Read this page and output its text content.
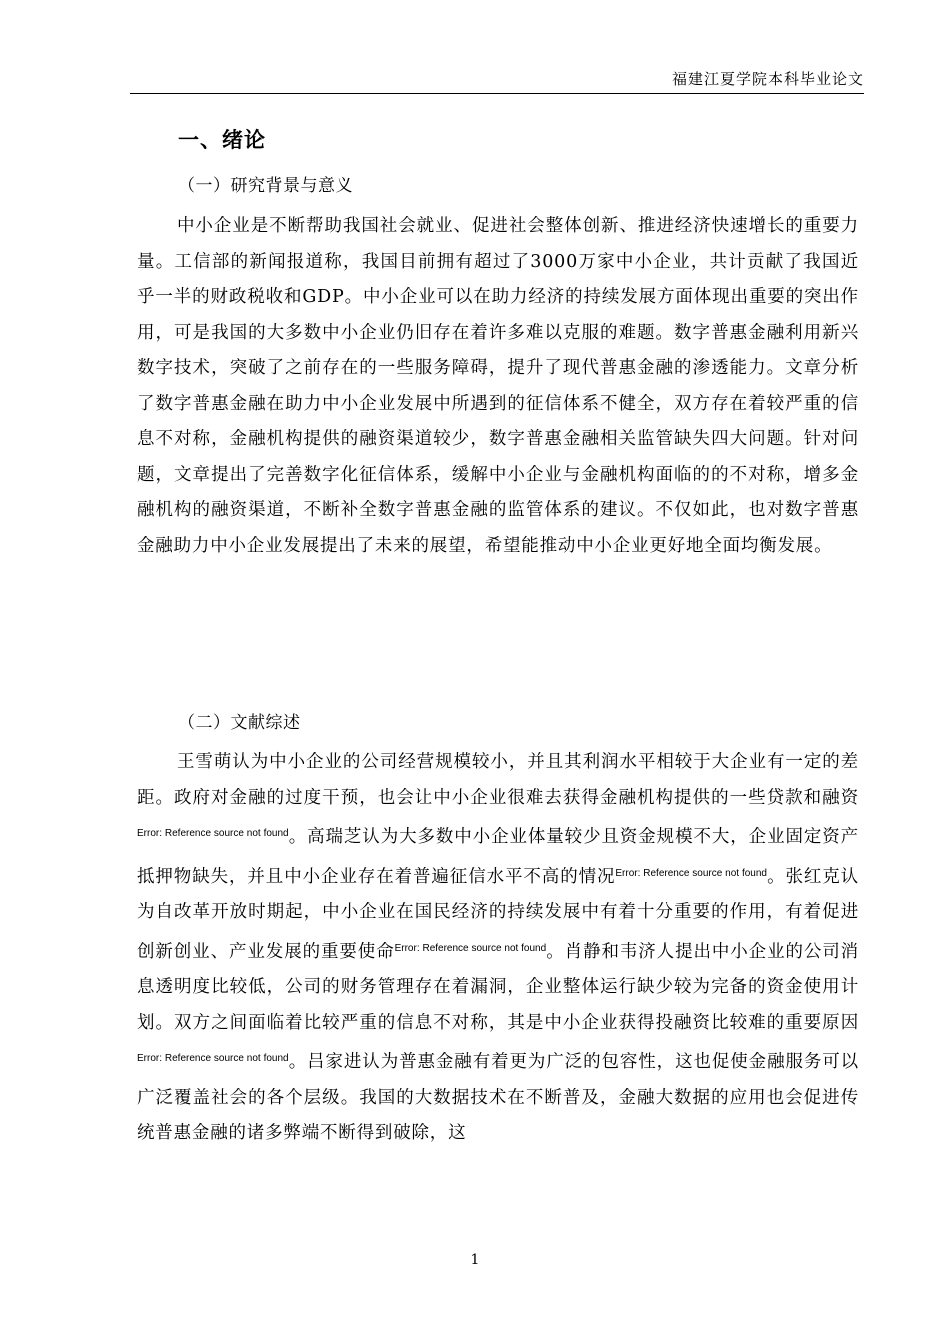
福建江夏学院本科毕业论文
一、绪论
（一）研究背景与意义

中小企业是不断帮助我国社会就业、促进社会整体创新、推进经济快速增长的重要力量。工信部的新闻报道称，我国目前拥有超过了3000万家中小企业，共计贡献了我国近乎一半的财政税收和GDP。中小企业可以在助力经济的持续发展方面体现出重要的突出作用，可是我国的大多数中小企业仍旧存在着许多难以克服的难题。数字普惠金融利用新兴数字技术，突破了之前存在的一些服务障碍，提升了现代普惠金融的渗透能力。文章分析了数字普惠金融在助力中小企业发展中所遇到的征信体系不健全，双方存在着较严重的信息不对称，金融机构提供的融资渠道较少，数字普惠金融相关监管缺失四大问题。针对问题，文章提出了完善数字化征信体系，缓解中小企业与金融机构面临的的不对称，增多金融机构的融资渠道，不断补全数字普惠金融的监管体系的建议。不仅如此，也对数字普惠金融助力中小企业发展提出了未来的展望，希望能推动中小企业更好地全面均衡发展。

（二）文献综述

王雪萌认为中小企业的公司经营规模较小，并且其利润水平相较于大企业有一定的差距。政府对金融的过度干预，也会让中小企业很难去获得金融机构提供的一些贷款和融资$^{Error: Reference source not found}$。高瑞芝认为大多数中小企业体量较少且资金规模不大，企业固定资产抵押物缺失，并且中小企业存在着普遍征信水平不高的情况$^{Error: Reference source not found}$。张红克认为自改革开放时期起，中小企业在国民经济的持续发展中有着十分重要的作用，有着促进创新创业、产业发展的重要使命$^{Error: Reference source not found}$。肖静和韦济人提出中小企业的公司消息透明度比较低，公司的财务管理存在着漏洞，企业整体运行缺少较为完备的资金使用计划。双方之间面临着比较严重的信息不对称，其是中小企业获得投融资比较难的重要原因$^{Error: Reference source not found}$。吕家进认为普惠金融有着更为广泛的包容性，这也促使金融服务可以广泛覆盖社会的各个层级。我国的大数据技术在不断普及，金融大数据的应用也会促进传统普惠金融的诸多弊端不断得到破除，这

1
